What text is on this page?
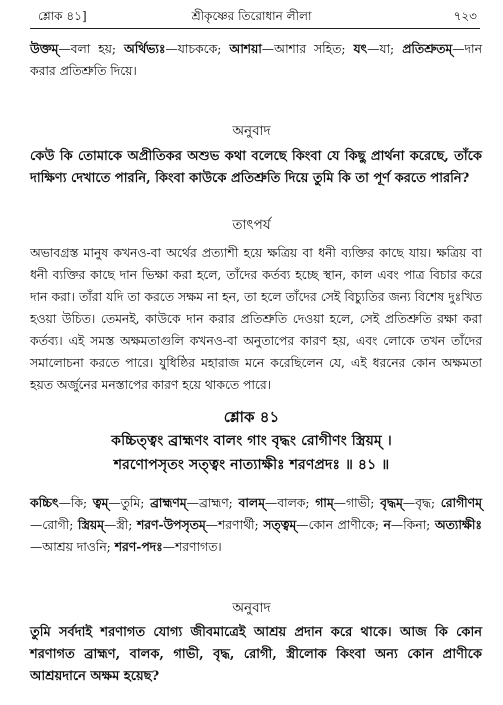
শ্লোক ৪১]	শ্রীকৃষ্ণের তিরোধান লীলা	৭২৩
উক্তম্—বলা হয়; অর্থিভ্যঃ—যাচককে; আশয়া—আশার সহিত; যৎ—যা; প্রতিশ্রুতম্—দান করার প্রতিশ্রুতি দিয়ে।
অনুবাদ
কেউ কি তোমাকে অপ্রীতিকর অশুভ কথা বলেছে কিংবা যে কিছু প্রার্থনা করেছে, তাঁকে দাক্ষিণ্য দেখাতে পারনি, কিংবা কাউকে প্রতিশ্রুতি দিয়ে তুমি কি তা পূর্ণ করতে পারনি?
তাৎপর্য
অভাবগ্রস্ত মানুষ কখনও-বা অর্থের প্রত্যাশী হয়ে ক্ষত্রিয় বা ধনী ব্যক্তির কাছে যায়। ক্ষত্রিয় বা ধনী ব্যক্তির কাছে দান ভিক্ষা করা হলে, তাঁদের কর্তব্য হচ্ছে স্থান, কাল এবং পাত্র বিচার করে দান করা। তাঁরা যদি তা করতে সক্ষম না হন, তা হলে তাঁদের সেই বিচ্যুতির জন্য বিশেষ দুঃখিত হওয়া উচিত। তেমনই, কাউকে দান করার প্রতিশ্রুতি দেওয়া হলে, সেই প্রতিশ্রুতি রক্ষা করা কর্তব্য। এই সমস্ত অক্ষমতাগুলি কখনও-বা অনুতাপের কারণ হয়, এবং লোকে তখন তাঁদের সমালোচনা করতে পারে। যুধিষ্ঠির মহারাজ মনে করেছিলেন যে, এই ধরনের কোন অক্ষমতা হয়ত অর্জুনের মনস্তাপের কারণ হয়ে থাকতে পারে।
শ্লোক ৪১
কচ্চিত্ত্বং ব্রাহ্মণং বালং গাং বৃদ্ধং রোগীণং স্ত্রিয়ম্ ।
শরণোপসৃতং সত্ত্বং নাত্যাক্ষীঃ শরণপ্রদঃ ॥ ৪১ ॥
কচ্চিৎ—কি; ত্বম্—তুমি; ব্রাহ্মণম্—ব্রাহ্মণ; বালম্—বালক; গাম্—গাভী; বৃদ্ধম্—বৃদ্ধ; রোগীণম্—রোগী; স্ত্রিয়ম্—স্ত্রী; শরণ-উপসৃতম্—শরণার্থী; সত্ত্বম্—কোন প্রাণীকে; ন—কিনা; অত্যাক্ষীঃ—আশ্রয় দাওনি; শরণ-পদঃ—শরণাগত।
অনুবাদ
তুমি সর্বদাই শরণাগত যোগ্য জীবমাত্রেই আশ্রয় প্রদান করে থাকে। আজ কি কোন শরণাগত ব্রাহ্মণ, বালক, গাভী, বৃদ্ধ, রোগী, স্ত্রীলোক কিংবা অন্য কোন প্রাণীকে আশ্রয়দানে অক্ষম হয়েছ?
